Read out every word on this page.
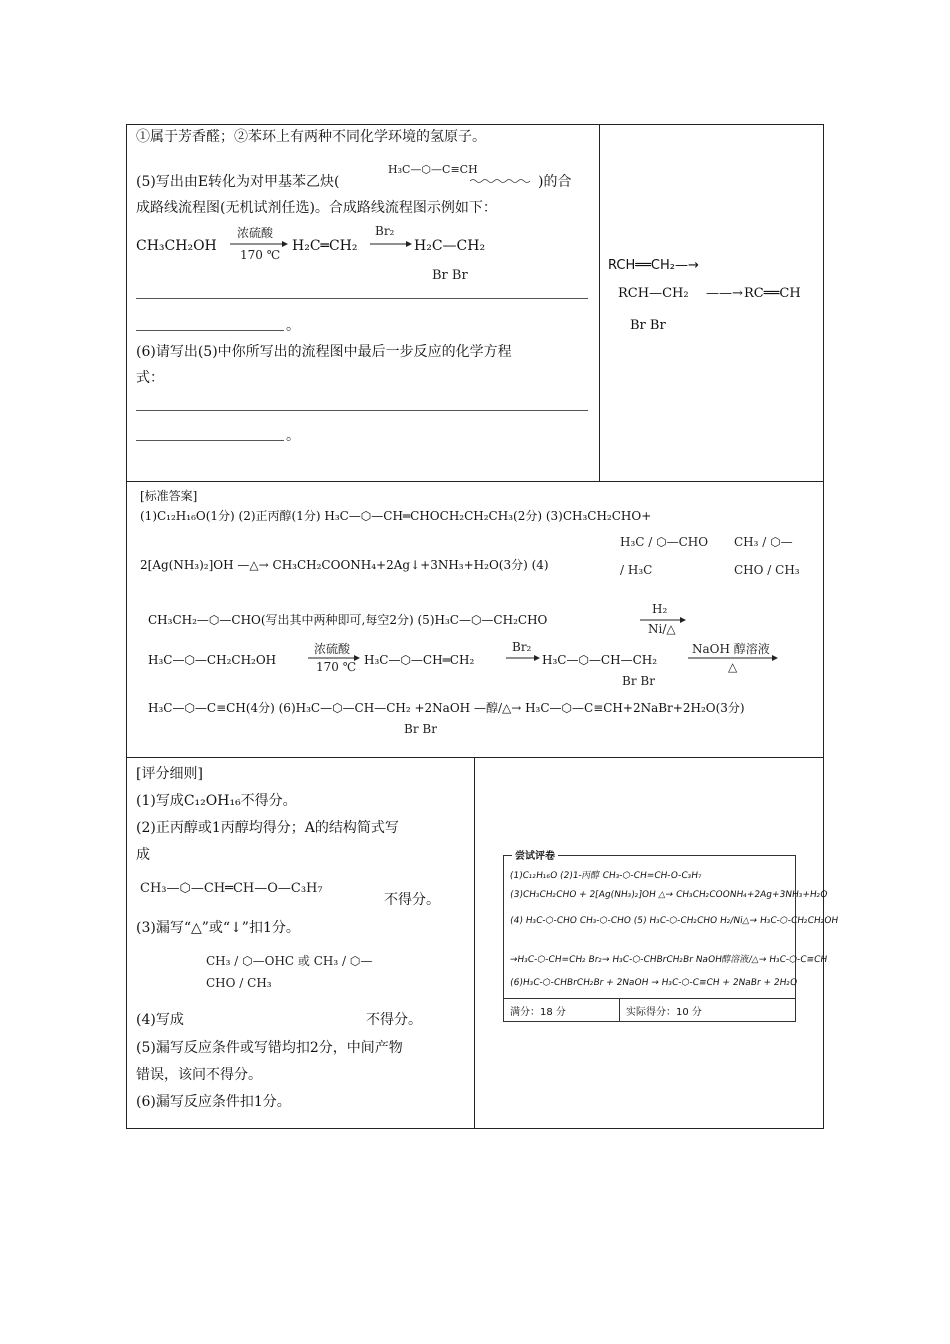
①属于芳香醛；②苯环上有两种不同化学环境的氢原子。
(5)写出由E转化为对甲基苯乙炔(
H₃C—⬡—C≡CH
)的合
成路线流程图(无机试剂任选)。合成路线流程图示例如下：
CH₃CH₂OH
浓硫酸
170 ℃
H₂C═CH₂
Br₂
H₂C—CH₂
Br Br
。
(6)请写出(5)中你所写出的流程图中最后一步反应的化学方程
式：
。
RCH══CH₂—→
RCH—CH₂ ——→ RC══CH
Br Br
[标准答案]
(1)C₁₂H₁₆O(1分) (2)正丙醇(1分) H₃C—⬡—CH═CHOCH₂CH₂CH₃(2分) (3)CH₃CH₂CHO+
2[Ag(NH₃)₂]OH —△→ CH₃CH₂COONH₄+2Ag↓+3NH₃+H₂O(3分) (4)
H₃C / ⬡—CHO / H₃C
CH₃ / ⬡—CHO / CH₃
CH₃CH₂—⬡—CHO(写出其中两种即可,每空2分) (5)H₃C—⬡—CH₂CHO
H₂
Ni/△
H₃C—⬡—CH₂CH₂OH
浓硫酸
170 ℃ H₃C—⬡—CH═CH₂
Br₂
H₃C—⬡—CH—CH₂
Br Br
NaOH 醇溶液
△
H₃C—⬡—C≡CH(4分) (6)H₃C—⬡—CH—CH₂ +2NaOH —醇/△→ H₃C—⬡—C≡CH+2NaBr+2H₂O(3分)
Br Br
[评分细则]
(1)写成C₁₂OH₁₆不得分。
(2)正丙醇或1丙醇均得分；A的结构简式写
成
CH₃—⬡—CH═CH—O—C₃H₇
不得分。
(3)漏写“△”或“↓”扣1分。
CH₃ / ⬡—OHC 或 CH₃ / ⬡—CHO / CH₃
(4)写成	不得分。
(5)漏写反应条件或写错均扣2分，中间产物
错误，该问不得分。
(6)漏写反应条件扣1分。
尝试评卷
(1)C₁₂H₁₆O (2)1-丙醇 CH₃-⬡-CH=CH-O-C₃H₇
(3)CH₃CH₂CHO + 2[Ag(NH₃)₂]OH △→ CH₃CH₂COONH₄+2Ag+3NH₃+H₂O
(4) H₃C-⬡-CHO CH₃-⬡-CHO (5) H₃C-⬡-CH₂CHO H₂/Ni△→ H₃C-⬡-CH₂CH₂OH
→H₃C-⬡-CH=CH₂ Br₂→ H₃C-⬡-CHBrCH₂Br NaOH醇溶液/△→ H₃C-⬡-C≡CH
(6)H₃C-⬡-CHBrCH₂Br + 2NaOH → H₃C-⬡-C≡CH + 2NaBr + 2H₂O
满分：18 分	实际得分：10 分
